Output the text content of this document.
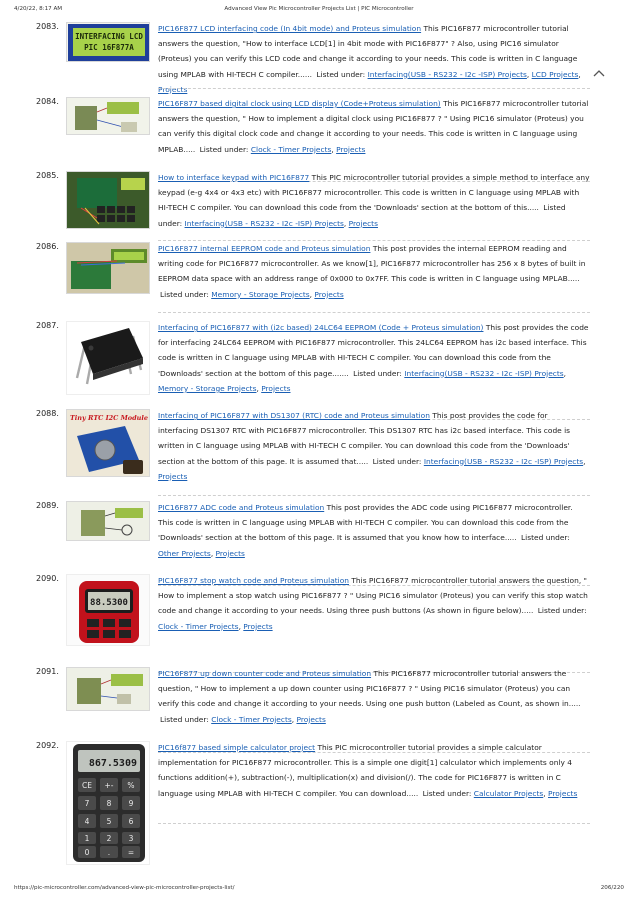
4/20/22, 8:17 AM	Advanced View Pic Microcontroller Projects List | PIC Microcontroller
2083.
INTERFACING LCD
PIC 16F877A
PIC16F877 LCD interfacing code (In 4bit mode) and Proteus simulation This PIC16F877 microcontroller tutorial answers the question, "How to interface LCD[1] in 4bit mode with PIC16F877" ? Also, using PIC16 simulator (Proteus) you can verify this LCD code and change it according to your needs. This code is written in C language using MPLAB with HI-TECH C compiler...... Listed under: Interfacing(USB - RS232 - I2c -ISP) Projects, LCD Projects, Projects
2084.	PIC16F877 based digital clock using LCD display (Code+Proteus simulation) This PIC16F877 microcontroller tutorial answers the question, " How to implement a digital clock using PIC16F877 ? " Using PIC16 simulator (Proteus) you can verify this digital clock code and change it according to your needs. This code is written in C language using MPLAB..... Listed under: Clock - Timer Projects, Projects
2085.	How to interface keypad with PIC16F877 This PIC microcontroller tutorial provides a simple method to interface any keypad (e-g 4x4 or 4x3 etc) with PIC16F877 microcontroller. This code is written in C language using MPLAB with HI-TECH C compiler. You can download this code from the 'Downloads' section at the bottom of this..... Listed under: Interfacing(USB - RS232 - I2c -ISP) Projects, Projects
2086.	PIC16F877 internal EEPROM code and Proteus simulation This post provides the internal EEPROM reading and writing code for PIC16F877 microcontroller. As we know[1], PIC16F877 microcontroller has 256 x 8 bytes of built in EEPROM data space with an address range of 0x000 to 0x7FF. This code is written in C language using MPLAB..... Listed under: Memory - Storage Projects, Projects
2087.	Interfacing of PIC16F877 with (i2c based) 24LC64 EEPROM (Code + Proteus simulation) This post provides the code for interfacing 24LC64 EEPROM with PIC16F877 microcontroller. This 24LC64 EEPROM has i2c based interface. This code is written in C language using MPLAB with HI-TECH C compiler. You can download this code from the 'Downloads' section at the bottom of this page....... Listed under: Interfacing(USB - RS232 - I2c -ISP) Projects, Memory - Storage Projects, Projects
2088.	Tiny RTC I2C Module Interfacing of PIC16F877 with DS1307 (RTC) code and Proteus simulation This post provides the code for interfacing DS1307 RTC with PIC16F877 microcontroller. This DS1307 RTC has i2c based interface. This code is written in C language using MPLAB with HI-TECH C compiler. You can download this code from the 'Downloads' section at the bottom of this page. It is assumed that..... Listed under: Interfacing(USB - RS232 - I2c -ISP) Projects, Projects
2089.	PIC16F877 ADC code and Proteus simulation This post provides the ADC code using PIC16F877 microcontroller. This code is written in C language using MPLAB with HI-TECH C compiler. You can download this code from the 'Downloads' section at the bottom of this page. It is assumed that you know how to interface..... Listed under: Other Projects, Projects
2090.
88.5300
PIC16F877 stop watch code and Proteus simulation This PIC16F877 microcontroller tutorial answers the question, " How to implement a stop watch using PIC16F877 ? " Using PIC16 simulator (Proteus) you can verify this stop watch code and change it according to your needs. Using three push buttons (As shown in figure below)..... Listed under: Clock - Timer Projects, Projects
2091.	PIC16F877 up down counter code and Proteus simulation This PIC16F877 microcontroller tutorial answers the question, " How to implement a up down counter using PIC16F877 ? " Using PIC16 simulator (Proteus) you can verify this code and change it according to your needs. Using one push button (Labeled as Count, as shown in..... Listed under: Clock - Timer Projects, Projects
2092.
867.5309
CE +- %
7 8 9
4 5 6
1 2 3
0 . =
PIC16f877 based simple calculator project This PIC microcontroller tutorial provides a simple calculator implementation for PIC16F877 microcontroller. This is a simple one digit[1] calculator which implements only 4 functions addition(+), subtraction(-), multiplication(x) and division(/). The code for PIC16F877 is written in C language using MPLAB with HI-TECH C compiler. You can download..... Listed under: Calculator Projects, Projects
https://pic-microcontroller.com/advanced-view-pic-microcontroller-projects-list/	206/220
